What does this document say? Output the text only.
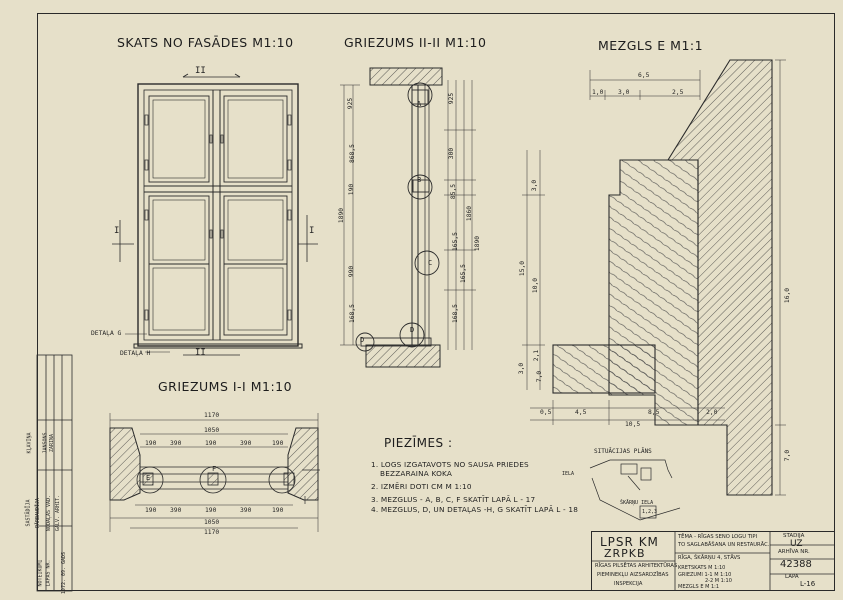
SKATS NO FASĀDES M1:10	GRIEZUMS II-II M1:10	MEZGLS E M1:1
GRIEZUMS I-I M1:10
II
II
I	I
DETAĻA G
DETAĻA H
A
B
C
D
D
1890
925
868,5
190
990
168,5
925
300
85,5
165,5
165,5
168,5
1860
1890
6,5
1,0 3,0	2,5
3,0
15,0
10,0
2,1
3,0
7,0
16,0
7,0
0,5	4,5	8,5	2,0
10,5
1170
1050
190 390	190	390	190
190 390	190	390	190
1050
1170
E
F
PIEZĪMES :
1. LOGS IZGATAVOTS NO SAUSA PRIEDES
BEZZARAINA KOKA
2. IZMĒRI DOTI CM M 1:10
3. MEZGLUS - A, B, C, F SKATĪT LAPĀ L - 17
4. MEZGLUS, D, UN DETAĻAS -H, G SKATĪT LAPĀ L - 18
SITUĀCIJAS PLĀNS
IELA
ŠKĀRŅU IELA
1,2,3
SASTĀDĪJA PĀRBAUDĪJA NODAĻAS VAD. GALV. ARHIT.
KĻAVIŅA JANSONS ZARIŅA
NOTEIKUMI LAPAS NR. 1972. 09. GADS
LPSR KM
ZRPKB
RĪGAS PILSĒTAS ARHITEKTŪRAS
PIEMINEKĻU AIZSARDZĪBAS
INSPEKCIJA
TĒMA - RĪGAS SENO LOGU TIPI
TO SAGLABĀŠANA UN RESTAURĀC.
RĪGA, ŠKĀRŅU 4, STĀVS
KRETSKATS M 1:10
GRIEZUMI 1-1 M 1:10
2-2 M 1:10
MEZGLS E M 1:1
STADIJA
UZ
ARHĪVA NR.
42388
LAPA
L-16
